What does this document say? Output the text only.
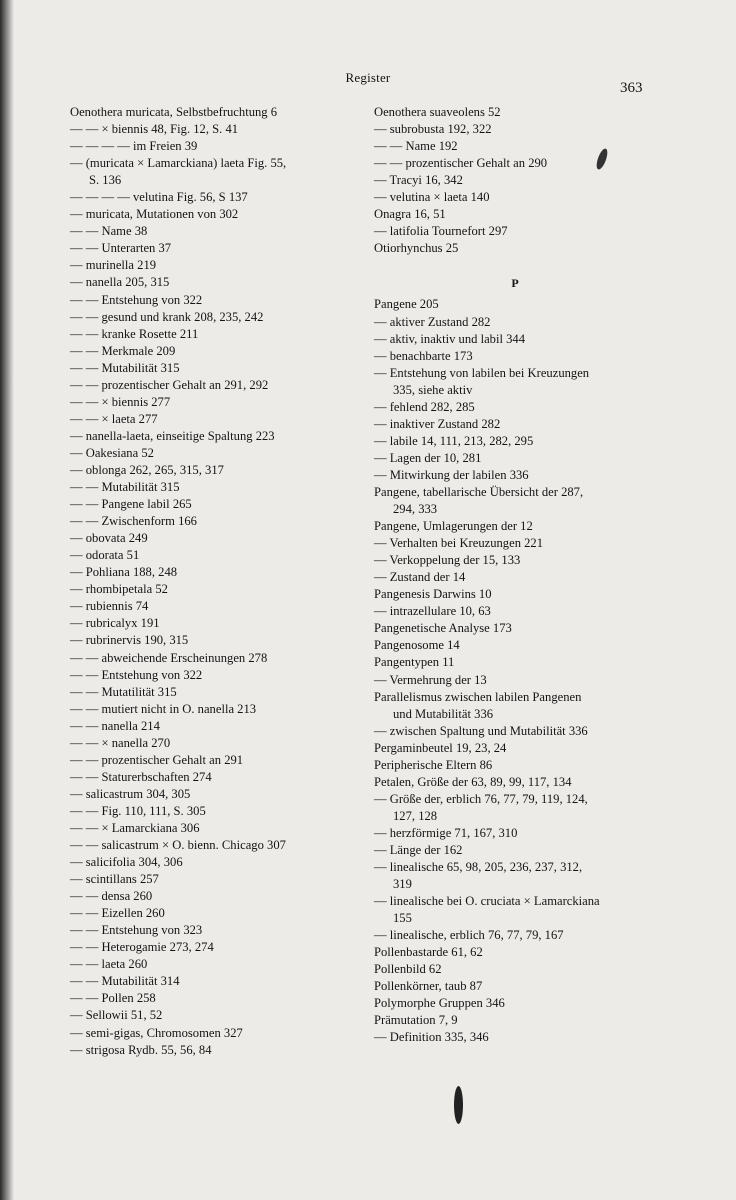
Register
363
Oenothera muricata, Selbstbefruchtung 6
— — × biennis 48, Fig. 12, S. 41
— — — — im Freien 39
— (muricata × Lamarckiana) laeta Fig. 55,
S. 136
— — — — velutina Fig. 56, S 137
— muricata, Mutationen von 302
— — Name 38
— — Unterarten 37
— murinella 219
— nanella 205, 315
— — Entstehung von 322
— — gesund und krank 208, 235, 242
— — kranke Rosette 211
— — Merkmale 209
— — Mutabilität 315
— — prozentischer Gehalt an 291, 292
— — × biennis 277
— — × laeta 277
— nanella-laeta, einseitige Spaltung 223
— Oakesiana 52
— oblonga 262, 265, 315, 317
— — Mutabilität 315
— — Pangene labil 265
— — Zwischenform 166
— obovata 249
— odorata 51
— Pohliana 188, 248
— rhombipetala 52
— rubiennis 74
— rubricalyx 191
— rubrinervis 190, 315
— — abweichende Erscheinungen 278
— — Entstehung von 322
— — Mutatilität 315
— — mutiert nicht in O. nanella 213
— — nanella 214
— — × nanella 270
— — prozentischer Gehalt an 291
— — Staturerbschaften 274
— salicastrum 304, 305
— — Fig. 110, 111, S. 305
— — × Lamarckiana 306
— — salicastrum × O. bienn. Chicago 307
— salicifolia 304, 306
— scintillans 257
— — densa 260
— — Eizellen 260
— — Entstehung von 323
— — Heterogamie 273, 274
— — laeta 260
— — Mutabilität 314
— — Pollen 258
— Sellowii 51, 52
— semi-gigas, Chromosomen 327
— strigosa Rydb. 55, 56, 84
Oenothera suaveolens 52
— subrobusta 192, 322
— — Name 192
— — prozentischer Gehalt an 290
— Tracyi 16, 342
— velutina × laeta 140
Onagra 16, 51
— latifolia Tournefort 297
Otiorhynchus 25
P
Pangene 205
— aktiver Zustand 282
— aktiv, inaktiv und labil 344
— benachbarte 173
— Entstehung von labilen bei Kreuzungen
335, siehe aktiv
— fehlend 282, 285
— inaktiver Zustand 282
— labile 14, 111, 213, 282, 295
— Lagen der 10, 281
— Mitwirkung der labilen 336
Pangene, tabellarische Übersicht der 287,
294, 333
Pangene, Umlagerungen der 12
— Verhalten bei Kreuzungen 221
— Verkoppelung der 15, 133
— Zustand der 14
Pangenesis Darwins 10
— intrazellulare 10, 63
Pangenetische Analyse 173
Pangenosome 14
Pangentypen 11
— Vermehrung der 13
Parallelismus zwischen labilen Pangenen
und Mutabilität 336
— zwischen Spaltung und Mutabilität 336
Pergaminbeutel 19, 23, 24
Peripherische Eltern 86
Petalen, Größe der 63, 89, 99, 117, 134
— Größe der, erblich 76, 77, 79, 119, 124,
127, 128
— herzförmige 71, 167, 310
— Länge der 162
— linealische 65, 98, 205, 236, 237, 312,
319
— linealische bei O. cruciata × Lamarckiana
155
— linealische, erblich 76, 77, 79, 167
Pollenbastarde 61, 62
Pollenbild 62
Pollenkörner, taub 87
Polymorphe Gruppen 346
Prämutation 7, 9
— Definition 335, 346
